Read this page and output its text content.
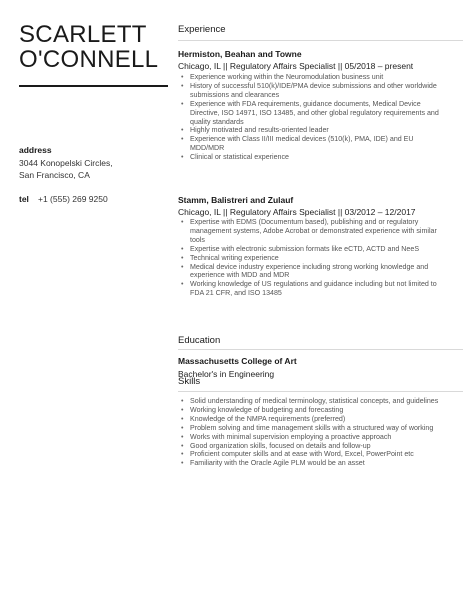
SCARLETT
O'CONNELL
address
3044 Konopelski Circles,
San Francisco, CA
tel +1 (555) 269 9250
Experience
Hermiston, Beahan and Towne
Chicago, IL || Regulatory Affairs Specialist || 05/2018 – present
• Experience working within the Neuromodulation business unit
• History of successful 510(k)/IDE/PMA device submissions and other worldwide submissions and clearances
• Experience with FDA requirements, guidance documents, Medical Device Directive, ISO 14971, ISO 13485, and other global regulatory requirements and quality standards
• Highly motivated and results-oriented leader
• Experience with Class II/III medical devices (510(k), PMA, IDE) and EU MDD/MDR
• Clinical or statistical experience
Stamm, Balistreri and Zulauf
Chicago, IL || Regulatory Affairs Specialist || 03/2012 – 12/2017
• Expertise with EDMS (Documentum based), publishing and or regulatory management systems, Adobe Acrobat or demonstrated experience with similar tools
• Expertise with electronic submission formats like eCTD, ACTD and NeeS
• Technical writing experience
• Medical device industry experience including strong working knowledge and experience with MDD and MDR
• Working knowledge of US regulations and guidance including but not limited to FDA 21 CFR, and ISO 13485
Education
Massachusetts College of Art
Bachelor's in Engineering
Skills
• Solid understanding of medical terminology, statistical concepts, and guidelines
• Working knowledge of budgeting and forecasting
• Knowledge of the NMPA requirements (preferred)
• Problem solving and time management skills with a structured way of working
• Works with minimal supervision employing a proactive approach
• Good organization skills, focused on details and follow-up
• Proficient computer skills and at ease with Word, Excel, PowerPoint etc
• Familiarity with the Oracle Agile PLM would be an asset
